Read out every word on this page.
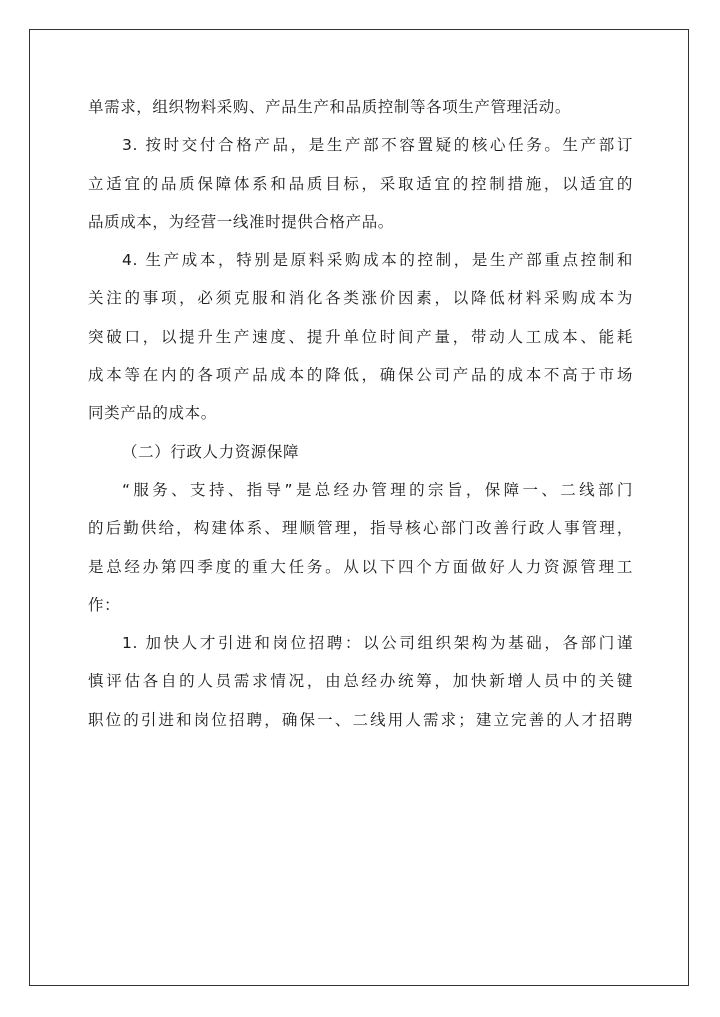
单需求，组织物料采购、产品生产和品质控制等各项生产管理活动。
3. 按时交付合格产品，是生产部不容置疑的核心任务。生产部订
立适宜的品质保障体系和品质目标，采取适宜的控制措施，以适宜的
品质成本，为经营一线准时提供合格产品。
4. 生产成本，特别是原料采购成本的控制，是生产部重点控制和
关注的事项，必须克服和消化各类涨价因素，以降低材料采购成本为
突破口，以提升生产速度、提升单位时间产量，带动人工成本、能耗
成本等在内的各项产品成本的降低，确保公司产品的成本不高于市场
同类产品的成本。
（二）行政人力资源保障
“服务、支持、指导”是总经办管理的宗旨，保障一、二线部门
的后勤供给，构建体系、理顺管理，指导核心部门改善行政人事管理，
是总经办第四季度的重大任务。从以下四个方面做好人力资源管理工
作：
1. 加快人才引进和岗位招聘：以公司组织架构为基础，各部门谨
慎评估各自的人员需求情况，由总经办统筹，加快新增人员中的关键
职位的引进和岗位招聘，确保一、二线用人需求；建立完善的人才招聘
